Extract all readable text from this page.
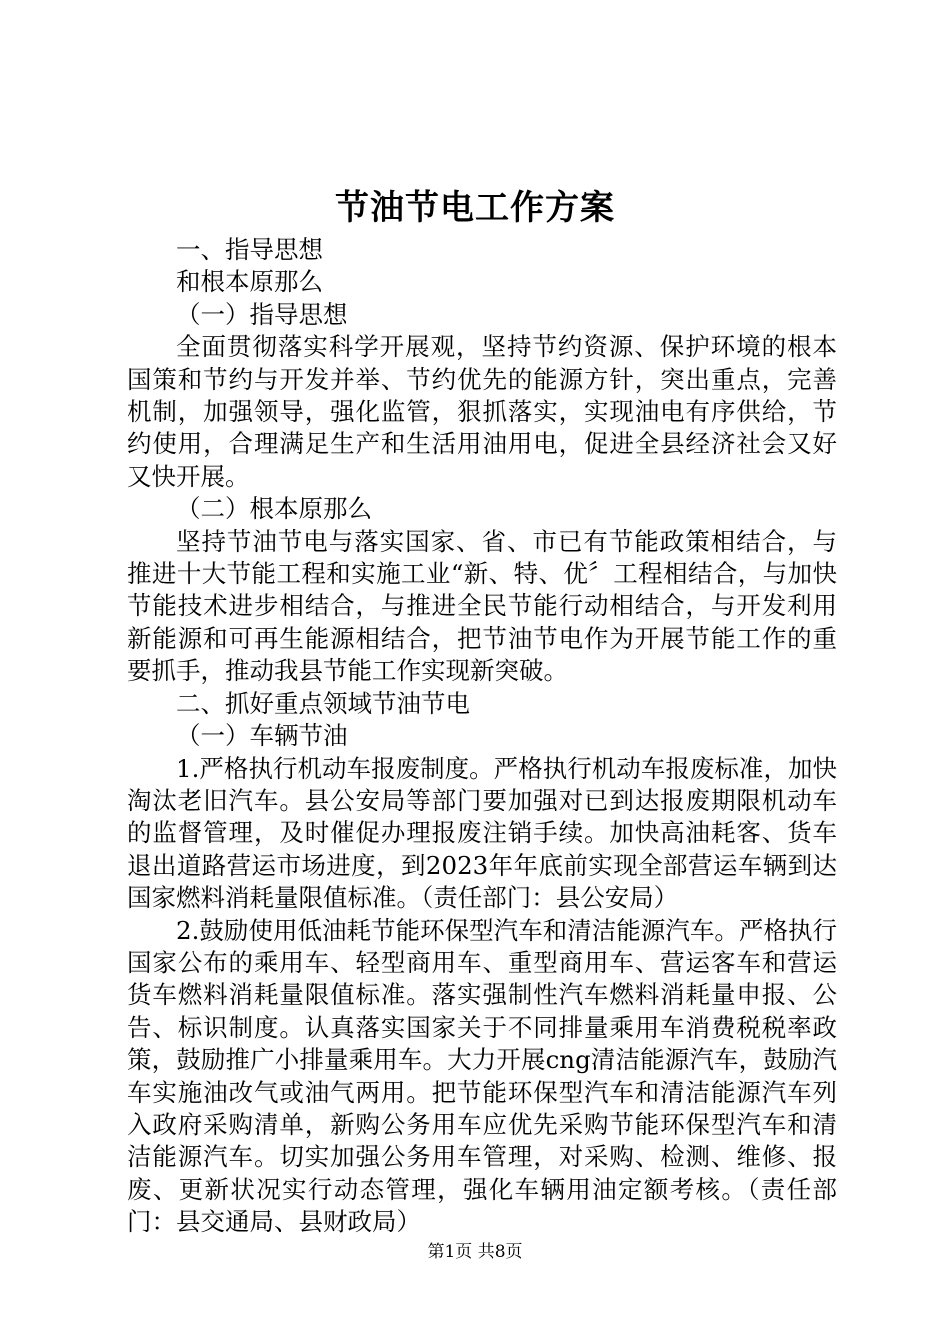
节油节电工作方案

一、指导思想

和根本原那么

（一）指导思想

全面贯彻落实科学开展观，坚持节约资源、保护环境的根本国策和节约与开发并举、节约优先的能源方针，突出重点，完善机制，加强领导，强化监管，狠抓落实，实现油电有序供给，节约使用，合理满足生产和生活用油用电，促进全县经济社会又好又快开展。

（二）根本原那么

坚持节油节电与落实国家、省、市已有节能政策相结合，与推进十大节能工程和实施工业“新、特、优〞工程相结合，与加快节能技术进步相结合，与推进全民节能行动相结合，与开发利用新能源和可再生能源相结合，把节油节电作为开展节能工作的重要抓手，推动我县节能工作实现新突破。

二、抓好重点领域节油节电

（一）车辆节油

1.严格执行机动车报废制度。严格执行机动车报废标准，加快淘汰老旧汽车。县公安局等部门要加强对已到达报废期限机动车的监督管理，及时催促办理报废注销手续。加快高油耗客、货车退出道路营运市场进度，到2023年年底前实现全部营运车辆到达国家燃料消耗量限值标准。（责任部门：县公安局）

2.鼓励使用低油耗节能环保型汽车和清洁能源汽车。严格执行国家公布的乘用车、轻型商用车、重型商用车、营运客车和营运货车燃料消耗量限值标准。落实强制性汽车燃料消耗量申报、公告、标识制度。认真落实国家关于不同排量乘用车消费税税率政策，鼓励推广小排量乘用车。大力开展cng清洁能源汽车，鼓励汽车实施油改气或油气两用。把节能环保型汽车和清洁能源汽车列入政府采购清单，新购公务用车应优先采购节能环保型汽车和清洁能源汽车。切实加强公务用车管理，对采购、检测、维修、报废、更新状况实行动态管理，强化车辆用油定额考核。（责任部门：县交通局、县财政局）

第1页 共8页
